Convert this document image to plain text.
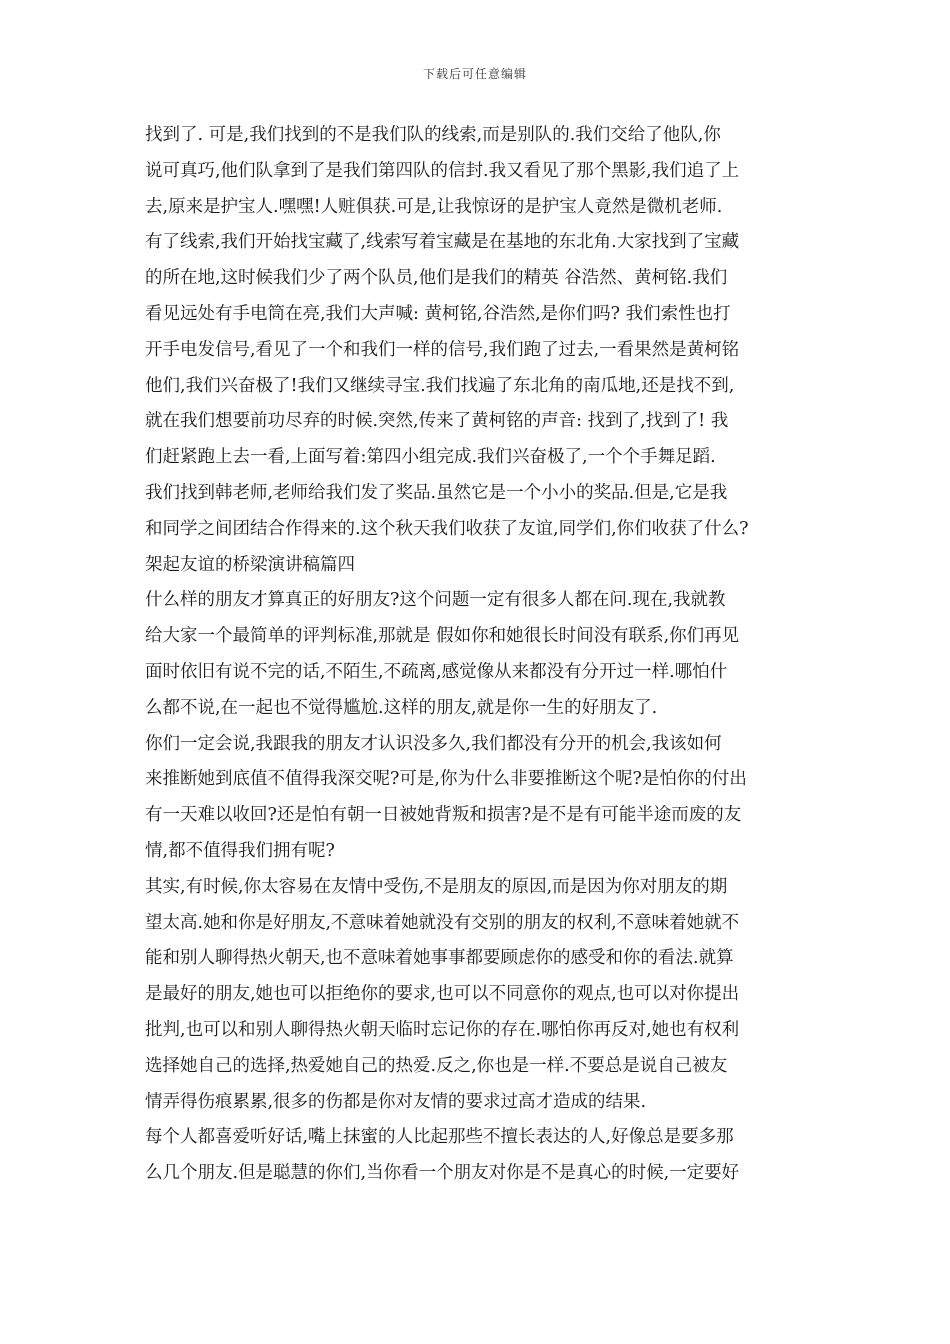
下载后可任意编辑
找到了. 可是,我们找到的不是我们队的线索,而是别队的.我们交给了他队,你
说可真巧,他们队拿到了是我们第四队的信封.我又看见了那个黑影,我们追了上
去,原来是护宝人.嘿嘿!人赃俱获.可是,让我惊讶的是护宝人竟然是微机老师.
有了线索,我们开始找宝藏了,线索写着宝藏是在基地的东北角.大家找到了宝藏
的所在地,这时候我们少了两个队员,他们是我们的精英 谷浩然、黄柯铭.我们
看见远处有手电筒在亮,我们大声喊: 黄柯铭,谷浩然,是你们吗? 我们索性也打
开手电发信号,看见了一个和我们一样的信号,我们跑了过去,一看果然是黄柯铭
他们,我们兴奋极了!我们又继续寻宝.我们找遍了东北角的南瓜地,还是找不到,
就在我们想要前功尽弃的时候.突然,传来了黄柯铭的声音: 找到了,找到了! 我
们赶紧跑上去一看,上面写着:第四小组完成.我们兴奋极了,一个个手舞足蹈.
我们找到韩老师,老师给我们发了奖品.虽然它是一个小小的奖品.但是,它是我
和同学之间团结合作得来的.这个秋天我们收获了友谊,同学们,你们收获了什么?
架起友谊的桥梁演讲稿篇四
什么样的朋友才算真正的好朋友?这个问题一定有很多人都在问.现在,我就教
给大家一个最简单的评判标准,那就是 假如你和她很长时间没有联系,你们再见
面时依旧有说不完的话,不陌生,不疏离,感觉像从来都没有分开过一样.哪怕什
么都不说,在一起也不觉得尴尬.这样的朋友,就是你一生的好朋友了.
你们一定会说,我跟我的朋友才认识没多久,我们都没有分开的机会,我该如何
来推断她到底值不值得我深交呢?可是,你为什么非要推断这个呢?是怕你的付出
有一天难以收回?还是怕有朝一日被她背叛和损害?是不是有可能半途而废的友
情,都不值得我们拥有呢?
其实,有时候,你太容易在友情中受伤,不是朋友的原因,而是因为你对朋友的期
望太高.她和你是好朋友,不意味着她就没有交别的朋友的权利,不意味着她就不
能和别人聊得热火朝天,也不意味着她事事都要顾虑你的感受和你的看法.就算
是最好的朋友,她也可以拒绝你的要求,也可以不同意你的观点,也可以对你提出
批判,也可以和别人聊得热火朝天临时忘记你的存在.哪怕你再反对,她也有权利
选择她自己的选择,热爱她自己的热爱.反之,你也是一样.不要总是说自己被友
情弄得伤痕累累,很多的伤都是你对友情的要求过高才造成的结果.
每个人都喜爱听好话,嘴上抹蜜的人比起那些不擅长表达的人,好像总是要多那
么几个朋友.但是聪慧的你们,当你看一个朋友对你是不是真心的时候,一定要好
